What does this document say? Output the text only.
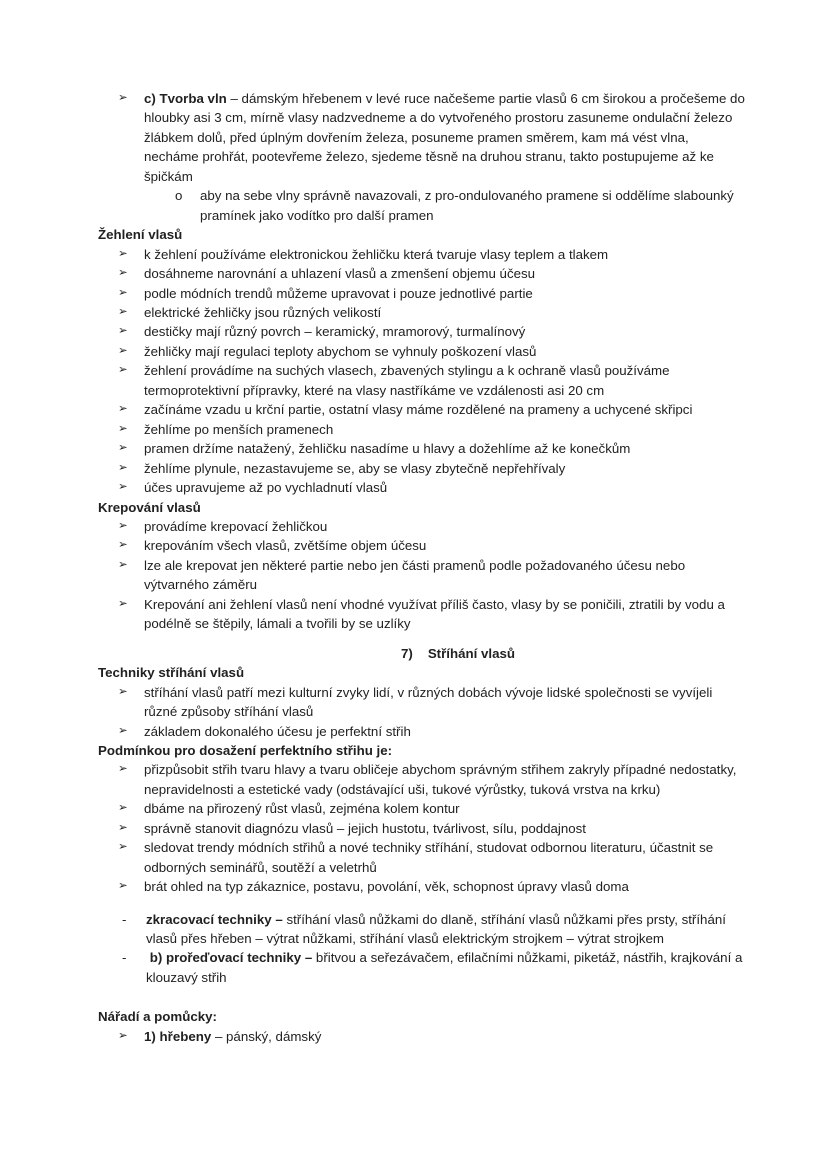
➢ c) Tvorba vln – dámským hřebenem v levé ruce načešeme partie vlasů 6 cm širokou a pročešeme do hloubky asi 3 cm, mírně vlasy nadzvedneme a do vytvořeného prostoru zasuneme ondulační železo žlábkem dolů, před úplným dovřením železa, posuneme pramen směrem, kam má vést vlna, necháme prohřát, pootevřeme železo, sjedeme těsně na druhou stranu, takto postupujeme až ke špičkám
o aby na sebe vlny správně navazovali, z pro-ondulovaného pramene si oddělíme slabounký pramínek jako vodítko pro další pramen
Žehlení vlasů
➢ k žehlení používáme elektronickou žehličku která tvaruje vlasy teplem a tlakem
➢ dosáhneme narovnání a uhlazení vlasů a zmenšení objemu účesu
➢ podle módních trendů můžeme upravovat i pouze jednotlivé partie
➢ elektrické žehličky jsou různých velikostí
➢ destičky mají různý povrch – keramický, mramorový, turmalínový
➢ žehličky mají regulaci teploty abychom se vyhnuly poškození vlasů
➢ žehlení provádíme na suchých vlasech, zbavených stylingu a k ochraně vlasů používáme termoprotektivní přípravky, které na vlasy nastříkáme ve vzdálenosti asi 20 cm
➢ začínáme vzadu u krční partie, ostatní vlasy máme rozdělené na prameny a uchycené skřipci
➢ žehlíme po menších pramenech
➢ pramen držíme natažený, žehličku nasadíme u hlavy a dožehlíme až ke konečkům
➢ žehlíme plynule, nezastavujeme se, aby se vlasy zbytečně nepřehřívaly
➢ účes upravujeme až po vychladnutí vlasů
Krepování vlasů
➢ provádíme krepovací žehličkou
➢ krepováním všech vlasů, zvětšíme objem účesu
➢ lze ale krepovat jen některé partie nebo jen části pramenů podle požadovaného účesu nebo výtvarného záměru
➢ Krepování ani žehlení vlasů není vhodné využívat příliš často, vlasy by se poničili, ztratili by vodu a podélně se štěpily, lámali a tvořili by se uzlíky
7) Stříhání vlasů
Techniky stříhání vlasů
➢ stříhání vlasů patří mezi kulturní zvyky lidí, v různých dobách vývoje lidské společnosti se vyvíjeli různé způsoby stříhání vlasů
➢ základem dokonalého účesu je perfektní střih
Podmínkou pro dosažení perfektního střihu je:
➢ přizpůsobit střih tvaru hlavy a tvaru obličeje abychom správným střihem zakryly případné nedostatky, nepravidelnosti a estetické vady (odstávající uši, tukové výrůstky, tuková vrstva na krku)
➢ dbáme na přirozený růst vlasů, zejména kolem kontur
➢ správně stanovit diagnózu vlasů – jejich hustotu, tvárlivost, sílu, poddajnost
➢ sledovat trendy módních střihů a nové techniky stříhání, studovat odbornou literaturu, účastnit se odborných seminářů, soutěží a veletrhů
➢ brát ohled na typ zákaznice, postavu, povolání, věk, schopnost úpravy vlasů doma
- zkracovací techniky – stříhání vlasů nůžkami do dlaně, stříhání vlasů nůžkami přes prsty, stříhání vlasů přes hřeben – výtrat nůžkami, stříhání vlasů elektrickým strojkem – výtrat strojkem
- b) prořeďovací techniky – břitvou a seřezávačem, efilačními nůžkami, piketáž, nástřih, krajkování a klouzavý střih
Nářadí a pomůcky:
➢ 1) hřebeny – pánský, dámský
